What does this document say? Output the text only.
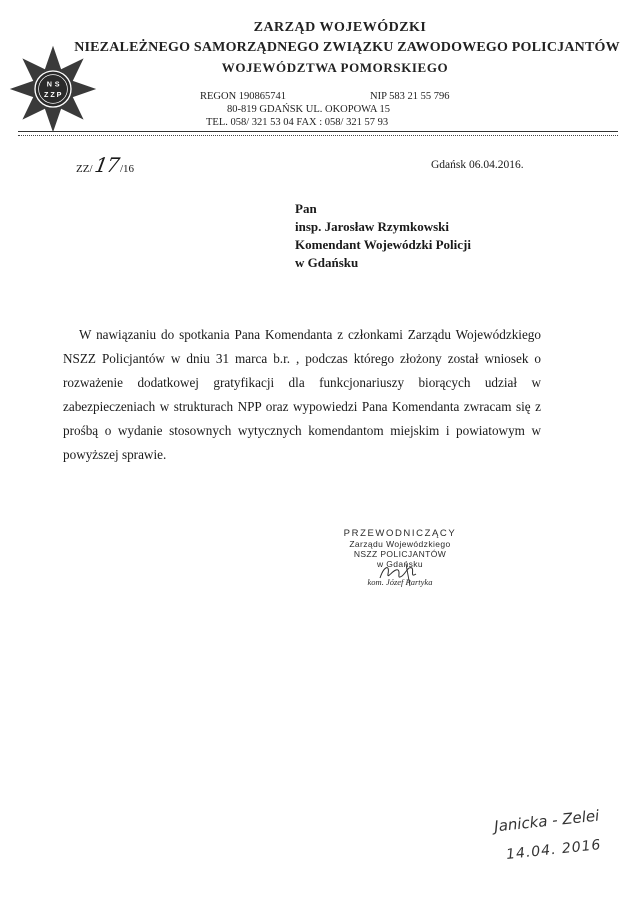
N S
Z Z P
ZARZĄD WOJEWÓDZKI
NIEZALEŻNEGO SAMORZĄDNEGO ZWIĄZKU ZAWODOWEGO POLICJANTÓW
WOJEWÓDZTWA POMORSKIEGO
REGON 190865741	NIP 583 21 55 796
80-819 GDAŃSK UL. OKOPOWA 15
TEL. 058/ 321 53 04 FAX : 058/ 321 57 93
ZZ/ 17 /16	Gdańsk 06.04.2016.
Pan
insp. Jarosław Rzymkowski
Komendant Wojewódzki Policji
w Gdańsku

W nawiązaniu do spotkania Pana Komendanta z członkami Zarządu Wojewódzkiego NSZZ Policjantów w dniu 31 marca b.r. , podczas którego złożony został wniosek o rozważenie dodatkowej gratyfikacji dla funkcjonariuszy biorących udział w zabezpieczeniach w strukturach NPP oraz wypowiedzi Pana Komendanta zwracam się z prośbą o wydanie stosownych wytycznych komendantom miejskim i powiatowym w powyższej sprawie.

PRZEWODNICZĄCY
Zarządu Wojewódzkiego
NSZZ POLICJANTÓW
w Gdańsku
kom. Józef Partyka
Janicka - Zelei
14.04. 2016
